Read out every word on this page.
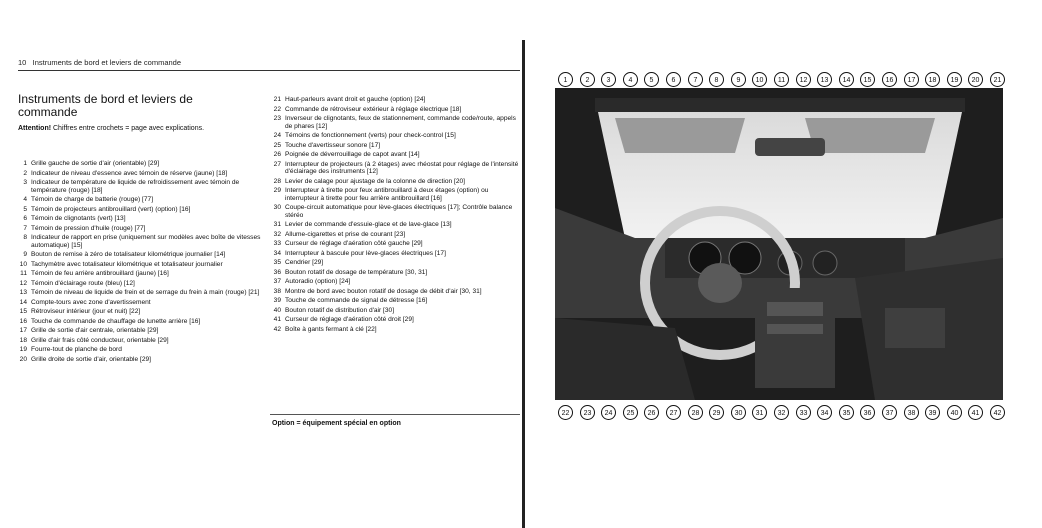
10 Instruments de bord et leviers de commande
Instruments de bord et leviers de commande
Attention! Chiffres entre crochets = page avec explications.
1 Grille gauche de sortie d'air (orientable) [29]
2 Indicateur de niveau d'essence avec témoin de réserve (jaune) [18]
3 Indicateur de température de liquide de refroidissement avec témoin de température (rouge) [18]
4 Témoin de charge de batterie (rouge) [77]
5 Témoin de projecteurs antibrouillard (vert) (option) [16]
6 Témoin de clignotants (vert) [13]
7 Témoin de pression d'huile (rouge) [77]
8 Indicateur de rapport en prise (uniquement sur modèles avec boîte de vitesses automatique) [15]
9 Bouton de remise à zéro de totalisateur kilométrique journalier [14]
10 Tachymètre avec totalisateur kilométrique et totalisateur journalier
11 Témoin de feu arrière antibrouillard (jaune) [16]
12 Témoin d'éclairage route (bleu) [12]
13 Témoin de niveau de liquide de frein et de serrage du frein à main (rouge) [21]
14 Compte-tours avec zone d'avertissement
15 Rétroviseur intérieur (jour et nuit) [22]
16 Touche de commande de chauffage de lunette arrière [16]
17 Grille de sortie d'air centrale, orientable [29]
18 Grille d'air frais côté conducteur, orientable [29]
19 Fourre-tout de planche de bord
20 Grille droite de sortie d'air, orientable [29]
21 Haut-parleurs avant droit et gauche (option) [24]
22 Commande de rétroviseur extérieur à réglage électrique [18]
23 Inverseur de clignotants, feux de stationnement, commande code/route, appels de phares [12]
24 Témoins de fonctionnement (verts) pour check-control [15]
25 Touche d'avertisseur sonore [17]
26 Poignée de déverrouillage de capot avant [14]
27 Interrupteur de projecteurs (à 2 étages) avec rhéostat pour réglage de l'intensité d'éclairage des instruments [12]
28 Levier de calage pour ajustage de la colonne de direction [20]
29 Interrupteur à tirette pour feux antibrouillard à deux étages (option) ou interrupteur à tirette pour feu arrière antibrouillard [16]
30 Coupe-circuit automatique pour lève-glaces électriques [17]; Contrôle balance stéréo
31 Levier de commande d'essuie-glace et de lave-glace [13]
32 Allume-cigarettes et prise de courant [23]
33 Curseur de réglage d'aération côté gauche [29]
34 Interrupteur à bascule pour lève-glaces électriques [17]
35 Cendrier [29]
36 Bouton rotatif de dosage de température [30, 31]
37 Autoradio (option) [24]
38 Montre de bord avec bouton rotatif de dosage de débit d'air [30, 31]
39 Touche de commande de signal de détresse [16]
40 Bouton rotatif de distribution d'air [30]
41 Curseur de réglage d'aération côté droit [29]
42 Boîte à gants fermant à clé [22]
Option = équipement spécial en option
1	2	3	4	5	6	7	8	9	10	11	12	13	14	15	16	17	18	19	20	21
22	23	24	25	26	27	28	29	30	31	32	33	34	35	36	37	38	39	40	41	42
